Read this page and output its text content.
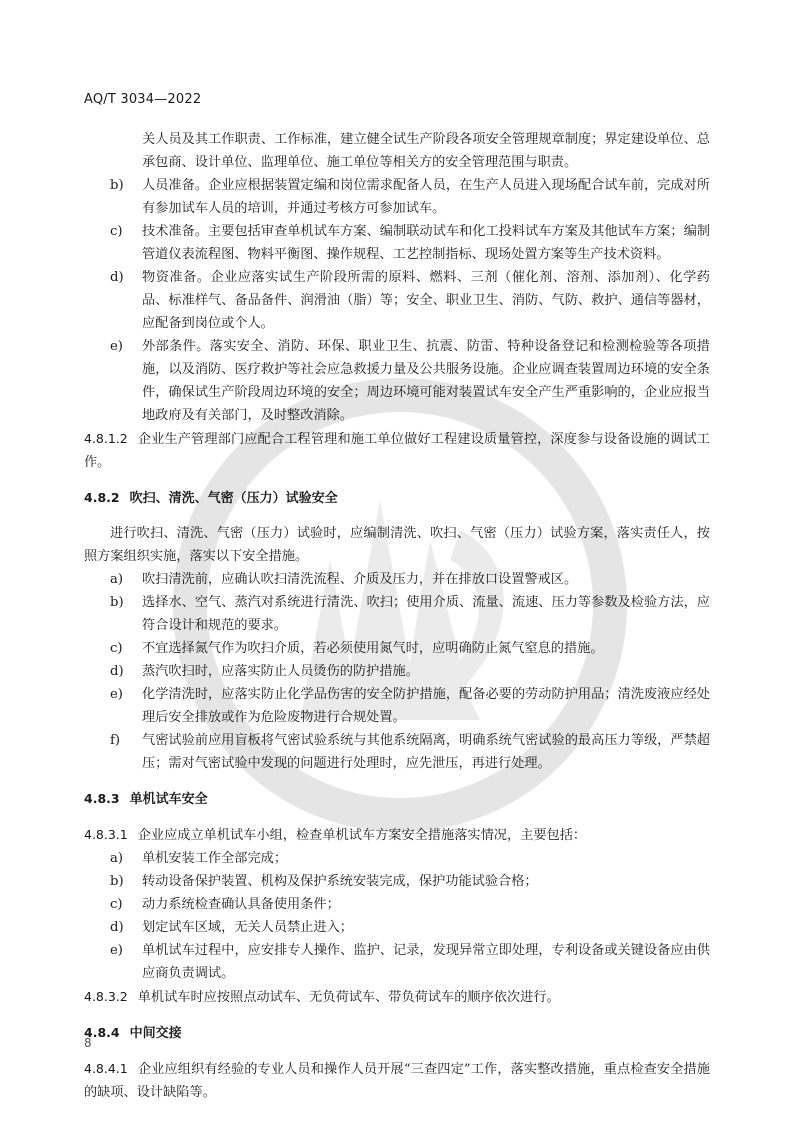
AQ/T 3034—2022
关人员及其工作职责、工作标准，建立健全试生产阶段各项安全管理规章制度；界定建设单位、总承包商、设计单位、监理单位、施工单位等相关方的安全管理范围与职责。
b)	人员准备。企业应根据装置定编和岗位需求配备人员，在生产人员进入现场配合试车前，完成对所有参加试车人员的培训，并通过考核方可参加试车。
c)	技术准备。主要包括审查单机试车方案、编制联动试车和化工投料试车方案及其他试车方案；编制管道仪表流程图、物料平衡图、操作规程、工艺控制指标、现场处置方案等生产技术资料。
d)	物资准备。企业应落实试生产阶段所需的原料、燃料、三剂（催化剂、溶剂、添加剂）、化学药品、标准样气、备品备件、润滑油（脂）等；安全、职业卫生、消防、气防、救护、通信等器材，应配备到岗位或个人。
e)	外部条件。落实安全、消防、环保、职业卫生、抗震、防雷、特种设备登记和检测检验等各项措施，以及消防、医疗救护等社会应急救援力量及公共服务设施。企业应调查装置周边环境的安全条件，确保试生产阶段周边环境的安全；周边环境可能对装置试车安全产生严重影响的，企业应报当地政府及有关部门，及时整改消除。
4.8.1.2 企业生产管理部门应配合工程管理和施工单位做好工程建设质量管控，深度参与设备设施的调试工作。
4.8.2 吹扫、清洗、气密（压力）试验安全
进行吹扫、清洗、气密（压力）试验时，应编制清洗、吹扫、气密（压力）试验方案，落实责任人，按照方案组织实施，落实以下安全措施。
a)	吹扫清洗前，应确认吹扫清洗流程、介质及压力，并在排放口设置警戒区。
b)	选择水、空气、蒸汽对系统进行清洗、吹扫；使用介质、流量、流速、压力等参数及检验方法，应符合设计和规范的要求。
c)	不宜选择氮气作为吹扫介质，若必须使用氮气时，应明确防止氮气窒息的措施。
d)	蒸汽吹扫时，应落实防止人员烫伤的防护措施。
e)	化学清洗时，应落实防止化学品伤害的安全防护措施，配备必要的劳动防护用品；清洗废液应经处理后安全排放或作为危险废物进行合规处置。
f)	气密试验前应用盲板将气密试验系统与其他系统隔离，明确系统气密试验的最高压力等级，严禁超压；需对气密试验中发现的问题进行处理时，应先泄压，再进行处理。
4.8.3 单机试车安全
4.8.3.1 企业应成立单机试车小组，检查单机试车方案安全措施落实情况，主要包括：
a)	单机安装工作全部完成；
b)	转动设备保护装置、机构及保护系统安装完成，保护功能试验合格；
c)	动力系统检查确认具备使用条件；
d)	划定试车区域，无关人员禁止进入；
e)	单机试车过程中，应安排专人操作、监护、记录，发现异常立即处理，专利设备或关键设备应由供应商负责调试。
4.8.3.2 单机试车时应按照点动试车、无负荷试车、带负荷试车的顺序依次进行。
4.8.4 中间交接
4.8.4.1 企业应组织有经验的专业人员和操作人员开展“三查四定”工作，落实整改措施，重点检查安全措施的缺项、设计缺陷等。
8
